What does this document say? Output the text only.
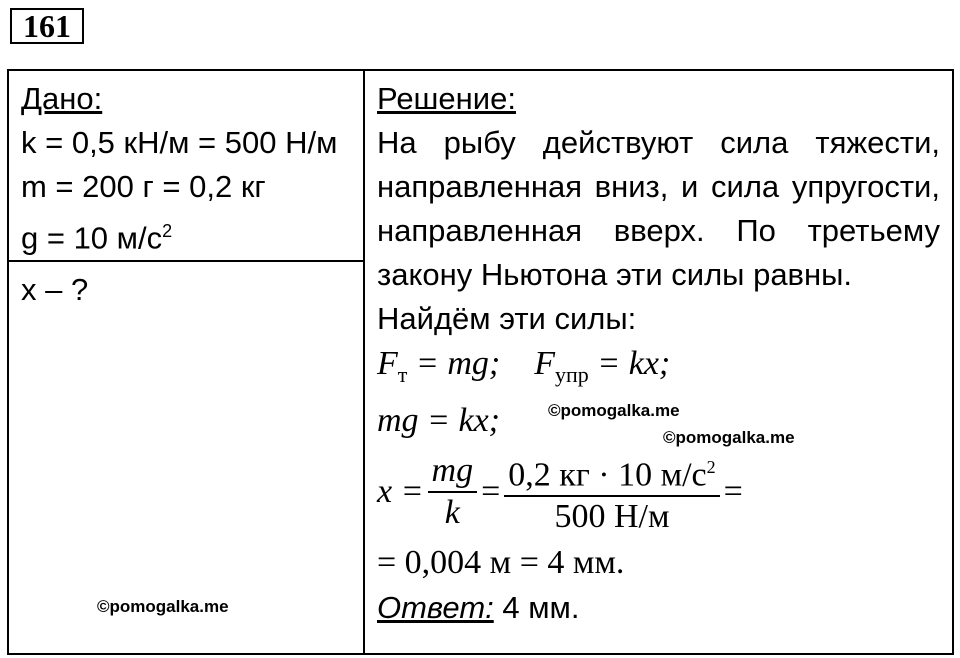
161
Дано:
k = 0,5 кН/м = 500 Н/м
m = 200 г = 0,2 кг
g = 10 $м/с^2$

Решение:
На рыбу действуют сила тяжести, направленная вниз, и сила упругости, направленная вверх. По третьему закону Ньютона эти силы равны.
Найдём эти силы:
$F_т$ = mg; $F_{упр}$ = kx;
mg = kx;
$x = \frac{mg}{k} = \frac{0,2 кг \cdot 10 м/с^2}{500 Н/м}$ =
= 0,004 м = 4 мм.
Ответ: 4 мм.
©pomogalka.me
©pomogalka.me

x – ?
©pomogalka.me
